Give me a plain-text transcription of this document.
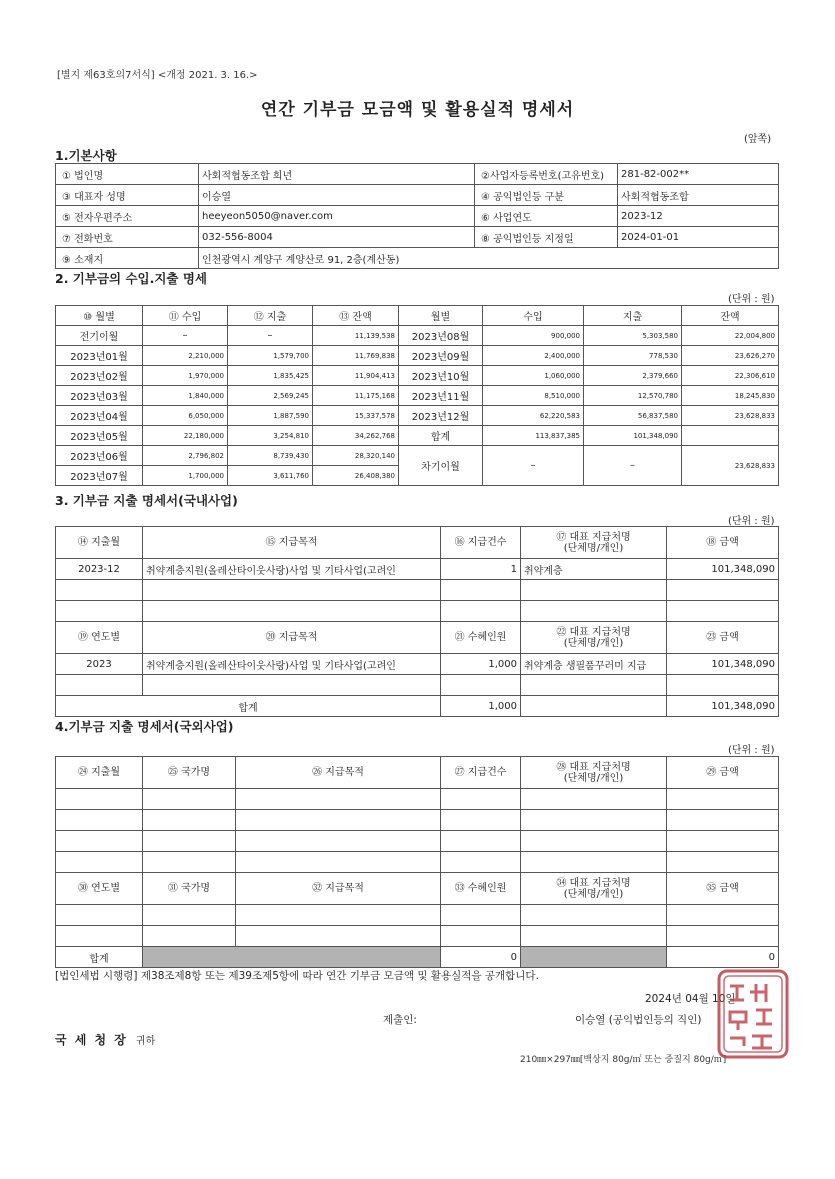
[별지 제63호의7서식] <개정 2021. 3. 16.>
연간 기부금 모금액 및 활용실적 명세서
(앞쪽)
1.기본사항
① 법인명	사회적협동조합 희년	②사업자등록번호(고유번호)	281-82-002**
③ 대표자 성명	이승열	④ 공익법인등 구분	사회적협동조합
⑤ 전자우편주소	heeyeon5050@naver.com	⑥ 사업연도	2023-12
⑦ 전화번호	032-556-8004	⑧ 공익법인등 지정일	2024-01-01
⑨ 소재지	인천광역시 계양구 계양산로 91, 2층(계산동)		
2. 기부금의 수입.지출 명세
(단위 : 원)
⑩ 월별	⑪ 수입	⑫ 지출	⑬ 잔액	월별	수입	지출	잔액
전기이월	–	–	11,139,538	2023년08월	900,000	5,303,580	22,004,800
2023년01월	2,210,000	1,579,700	11,769,838	2023년09월	2,400,000	778,530	23,626,270
2023년02월	1,970,000	1,835,425	11,904,413	2023년10월	1,060,000	2,379,660	22,306,610
2023년03월	1,840,000	2,569,245	11,175,168	2023년11월	8,510,000	12,570,780	18,245,830
2023년04월	6,050,000	1,887,590	15,337,578	2023년12월	62,220,583	56,837,580	23,628,833
2023년05월	22,180,000	3,254,810	34,262,768	합계	113,837,385	101,348,090	
2023년06월	2,796,802	8,739,430	28,320,140	차기이월	–	–	23,628,833
2023년07월	1,700,000	3,611,760	26,408,380				
3. 기부금 지출 명세서(국내사업)
(단위 : 원)
⑭ 지출월	⑮ 지급목적	⑯ 지급건수	⑰ 대표 지급처명
(단체명/개인)	⑱ 금액
2023-12	취약계층지원(올레산타이웃사랑)사업 및 기타사업(고려인	1	취약계층	101,348,090

⑲ 연도별	⑳ 지급목적	㉑ 수혜인원	㉒ 대표 지급처명
(단체명/개인)	㉓ 금액
2023	취약계층지원(올레산타이웃사랑)사업 및 기타사업(고려인	1,000	취약계층 생필품꾸러미 지급	101,348,090

합계		1,000		101,348,090
4.기부금 지출 명세서(국외사업)
(단위 : 원)
㉔ 지출월	㉕ 국가명	㉖ 지급목적	㉗ 지급건수	㉘ 대표 지급처명
(단체명/개인)	㉙ 금액

㉚ 연도별	㉛ 국가명	㉜ 지급목적	㉝ 수혜인원	㉞ 대표 지급처명
(단체명/개인)	㉟ 금액

합계			0		0
[법인세법 시행령] 제38조제8항 또는 제39조제5항에 따라 연간 기부금 모금액 및 활용실적을 공개합니다.
2024년 04월 10일
제출인:	이승열 (공익법인등의 직인)
국 세 청 장 귀하
210㎜×297㎜[백상지 80g/㎡ 또는 중질지 80g/㎡]
